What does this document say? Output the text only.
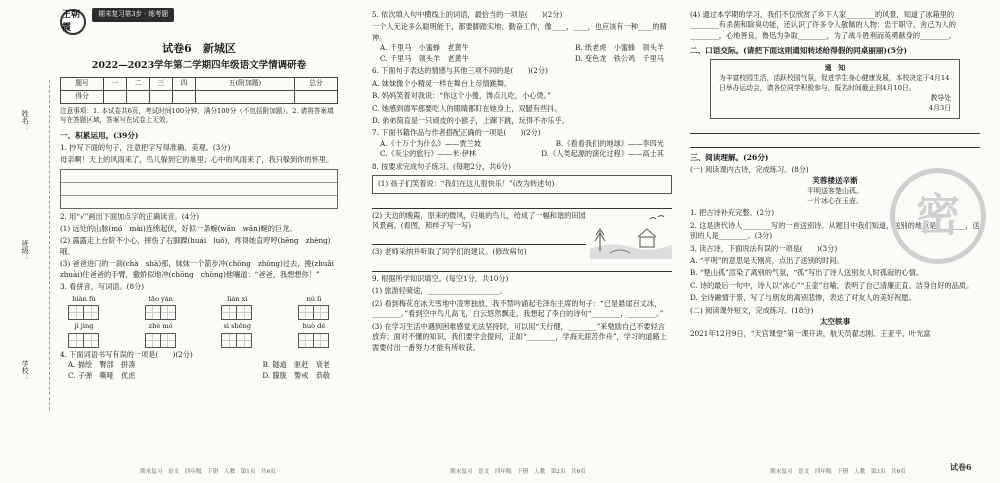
姓名：
班级：
学校：
王朝霞 期末复习第3步 · 练考题
试卷6　新城区
2022—2023学年第二学期四年级语文学情调研卷
题号	一	二	三	四	五(附加题)	总分
得分						
注意事项：1. 本试卷共6页，考试时间100分钟，满分100分（不包括附加题）。2. 请将答案填写在答题区域，答案写在试卷上无效。
一、积累运用。(39分)
1. 抄写下面的句子，注意把字写得准确、美观。(3分)
母亲啊！天上的风雨来了，鸟儿躲到它的巢里；心中的风雨来了，我只躲到你的怀里。
2. 用“√”画出下面加点字的正确读音。(4分)
(1) 远处的山脉(mó　mài)连绵起伏，好似一条蜿(wān　wǎn)蜒的巨龙。
(2) 露露走上台阶不小心，摔伤了右脚踝(huái　luǒ)，疼得她直哼哼(hēng　zhèng)哦。
(3) 爸爸进门的一刹(chà　shà)那，妹妹一个箭步冲(chōng　zhòng)过去，挽(zhuǎi　zhuài)住爸爸的手臂，撒娇似地冲(chōng　chòng)他嚷道：“爸爸，我想想你！”
3. 看拼音，写词语。(8分)
biàn fù	tāo yàn	lián xì	nù lì
jì jìng	zhé mó	sì shēng	huò dé
4. 下面词语书写有误的一项是(　　)(2分)
A. 描绘　臀部　拼凑	B. 隧道　驱赶　衰老
C. 子弹　嘶哑　优虑	D. 朦胧　警戒　恭敬
5. 依次填入句中横线上的词语，最恰当的一项是(　　)(2分)
一个人无论多么聪明能干，都要脚踏实地、勤奋工作，像____，____，也应该有一种____的精神。
A. 千里马　小蜜蜂　老黄牛	B. 纸老虎　小蜜蜂　领头羊
C. 千里马　领头羊　老黄牛	D. 变色龙　铁公鸡　千里马
6. 下面句子表达的情感与其他三项不同的是(　　)(2分)
A. 妹妹像个小精灵一样在舞台上尽情跳舞。
B. 妈妈笑着对我说：“你这个小傻，馋点儿吃，小心烫。”
C. 她感到德军那要吃人的眼睛都盯在她身上，双腿有些抖。
D. 弟弟简直是一只顽皮的小猴子，上蹿下跳，玩得不亦乐乎。
7. 下面书籍作品与作者搭配正确的一项是(　　)(2分)
A.《十万个为什么》——贾兰坡	B.《看看我们的地球》——李四光
C.《灰尘的旅行》——米·伊林	D.《人类起源的演化过程》——高士其
8. 按要求完成句子练习。(每题2分，共6分)
(1) 孩子们笑着说：“我们在这儿很快乐！”(改为转述句)
(2) 天边的晚霞，原来的微风，归巢的鸟儿，给成了一幅和谐的田园风景画。(看图，照样子写一写)
(3) 老师采纳并听取了同学们的建议。(修改病句)
9. 根据所学知识填空。(每空1分，共10分)
(1) 旅游轻骑途，____________________。
(2) 看到梅花在冰天雪地中凌寒独放，我不禁吟诵起毛泽东主席的句子：“已是悬崖百丈冰，________。”看到空中鸟儿高飞，白云悠然飘走，我想起了李白的诗句“________，________。”
(3) 在学习生活中遇到困难感觉无法坚持时，可以用“天行健，________”来勉励自己不要轻言放弃；面对不懂的知识，我们要学会提问，正如“________，学海无涯苦作舟”，学习的道路上需要付出一番努力才能有所收获。
(4) 通过本学期的学习，我们不仅欣赏了乡下人家________的风景，知道了冰箱里的________有杀菌和除臭功能，还认识了许多令人敬佩的人物：忠于职守，舍己为人的________，心地善良，鲁迅为争取________，为了战斗胜利而英勇献身的________。
二、口语交际。(请把下面这则通知转述给得假的同桌丽丽)(5分)
通　知
为丰富校园生活，活跃校园气氛，促进学生身心健康发展，本校决定于4月14日举办运动会，请各位同学积极参与，报名时间截止到4月10日。
教导处
4月3日
三、阅读理解。(26分)
(一) 阅读课内古诗，完成练习。(8分)
芙蓉楼送辛渐
平明送客楚山孤。
一片冰心在玉壶。
1. 把古诗补充完整。(2分)
2. 这是唐代诗人________写的一首送别诗。从题目中我们知道，送别的地点是________，送别的人是________。(3分)
3. 读古诗，下面说法有误的一项是(　　)(3分)
A. “平明”的意思是天刚亮，点出了送别的时间。
B. “楚山孤”渲染了离别的气氛，“孤”写出了诗人送别友人时孤寂的心情。
C. 诗的最后一句中，诗人以“冰心”“玉壶”自喻，表明了自己清廉正直、洁身自好的品质。
D. 全诗融情于景，写了与朋友的离别悲惨，表达了对友人的美好祝愿。
(二) 阅读课外短文，完成练习。(18分)
太空轶事
2021年12月9日，“天宫课堂”第一课开讲，航天员翟志刚、王亚平、叶光富
密
期末复习　语文　四年级　下册　人教　第1页　共6页	期末复习　语文　四年级　下册　人教　第2页　共6页	期末复习　语文　四年级　下册　人教　第3页　共6页	试卷6
